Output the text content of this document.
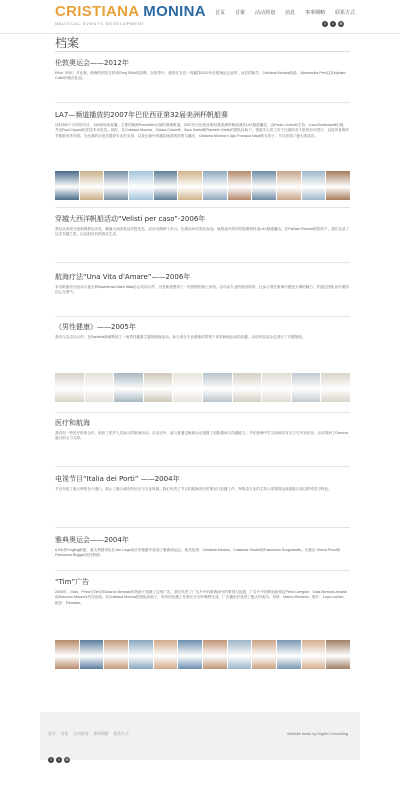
CRISTIANA MONINA
NAUTICAL EVENTS DEVELOPMENT
首页	首案	活动规划	消息	事事纲略	联系方式
f	t	✉
档案
伦敦奥运会——2012年
Elliot（B米）对比赛，航海的团员支持者Greg Elliot的品牌，在世界中，他的好友们一同赢得2012年伦敦奥运会冠军。此后的船员：Cristiana Monina航船、Alessandra Petri以及Myriam Colini的船员队伍。
LA7—频道播放的2007年巴伦西亚第32届美洲杯帆船赛
历时300个小时的节目，150家现场直播。主要的航海Portobello区域的赛事报道，2007年巴伦西亚第32届美洲杯帆船赛在LA7频道播放，由Paolo Cecinelli主持，Luca Bontempelli出镜，并由Paul Cayard担任技术评论员。同时，在Cristiana Monina、Chiara Cetorelli、Sara Sartini和Rachele Vitello的团队协助下，报道中心的工作于比赛的各个阶段有序进行，以及所有的环节都被妥善安排。为比赛的评论员提供专业的支持，以及比赛中的精彩画面的采集与播出，Cristiana Monina e Ugo Francica Nava的支持下，节目获得了极大的成功。
穿越大西洋帆船活动“Velisti per caso”-2006年
我们从西班牙加那利群岛出发，横渡大西洋抵达安提瓜岛，活动为期两个多月。比赛由30名船员参加，航程途中的所有影像资料由LA7频道播出，在Patrizio Roversi的指导下，我们记录了这次穿越之旅，以及船员们的真实生活。
航海疗法“Una Vita d'Amare”——2006年
本次帆船疗法活动与意大利Assistenza Mare Italia协会共同合作，为受助者提供了一次独特的海上体验。活动由专业的船员陪同，让参与者在航海中感受大海的魅力，并通过团队协作重拾信心与勇气。
《男性健康》——2005年
我们与杂志社合作，在Sardinia海域策划了一场男性健康主题的航海活动，参与者在专业教练的带领下体验帆船运动的乐趣，活动内容由杂志进行了专题报道。
医疗和航海
我们同一些医疗机构合作，组织了医护人员参与的航海活动。在活动中，参与者通过帆船运动加强了团队精神与沟通能力，并在航海中学习如何应对压力与突发状况。活动得到了Genova港口的大力支持。
电视节目“Italia dei Porti” ——2004年
节目介绍了意大利的各个港口，展示了港口城市的历史与文化风貌。我们负责了节目的航海部分的策划与拍摄工作，每集由专业的主持人带领观众探索港口周边的风景与特色。
雅典奥运会——2004年
6.5米的Yngling帆船，意大利国家队在Jan Linge设计的赛艇中参加了雅典奥运会。船员包括：Cristiana Monina、Costanza Giudici和Francesca Scognamillo。比赛由 Sirena Pucci和Francesca Ruggeri担任教练。
“Tim”广告
2005年，Gala、Petra与Tim在Edoardo Bennato的协助下拍摄了这则广告。我们负责了广告片中的航海部分的策划与拍摄，广告片中的帆船场景由Petra Loregian、Gaia Bermani Amaral和Giacomo Mazzoni共同出演。在Cristiana Monina的团队协助下，所有的拍摄工作都在计划中顺利完成，广告播出后获得了极大的成功。导演：Mauro Mortaroli；制片：Luca Luchini；配乐：Filmaster。
首页 首案 活动规划 事事纲略 联系方式	Website made by Digitex Consulting
f	t	✉
